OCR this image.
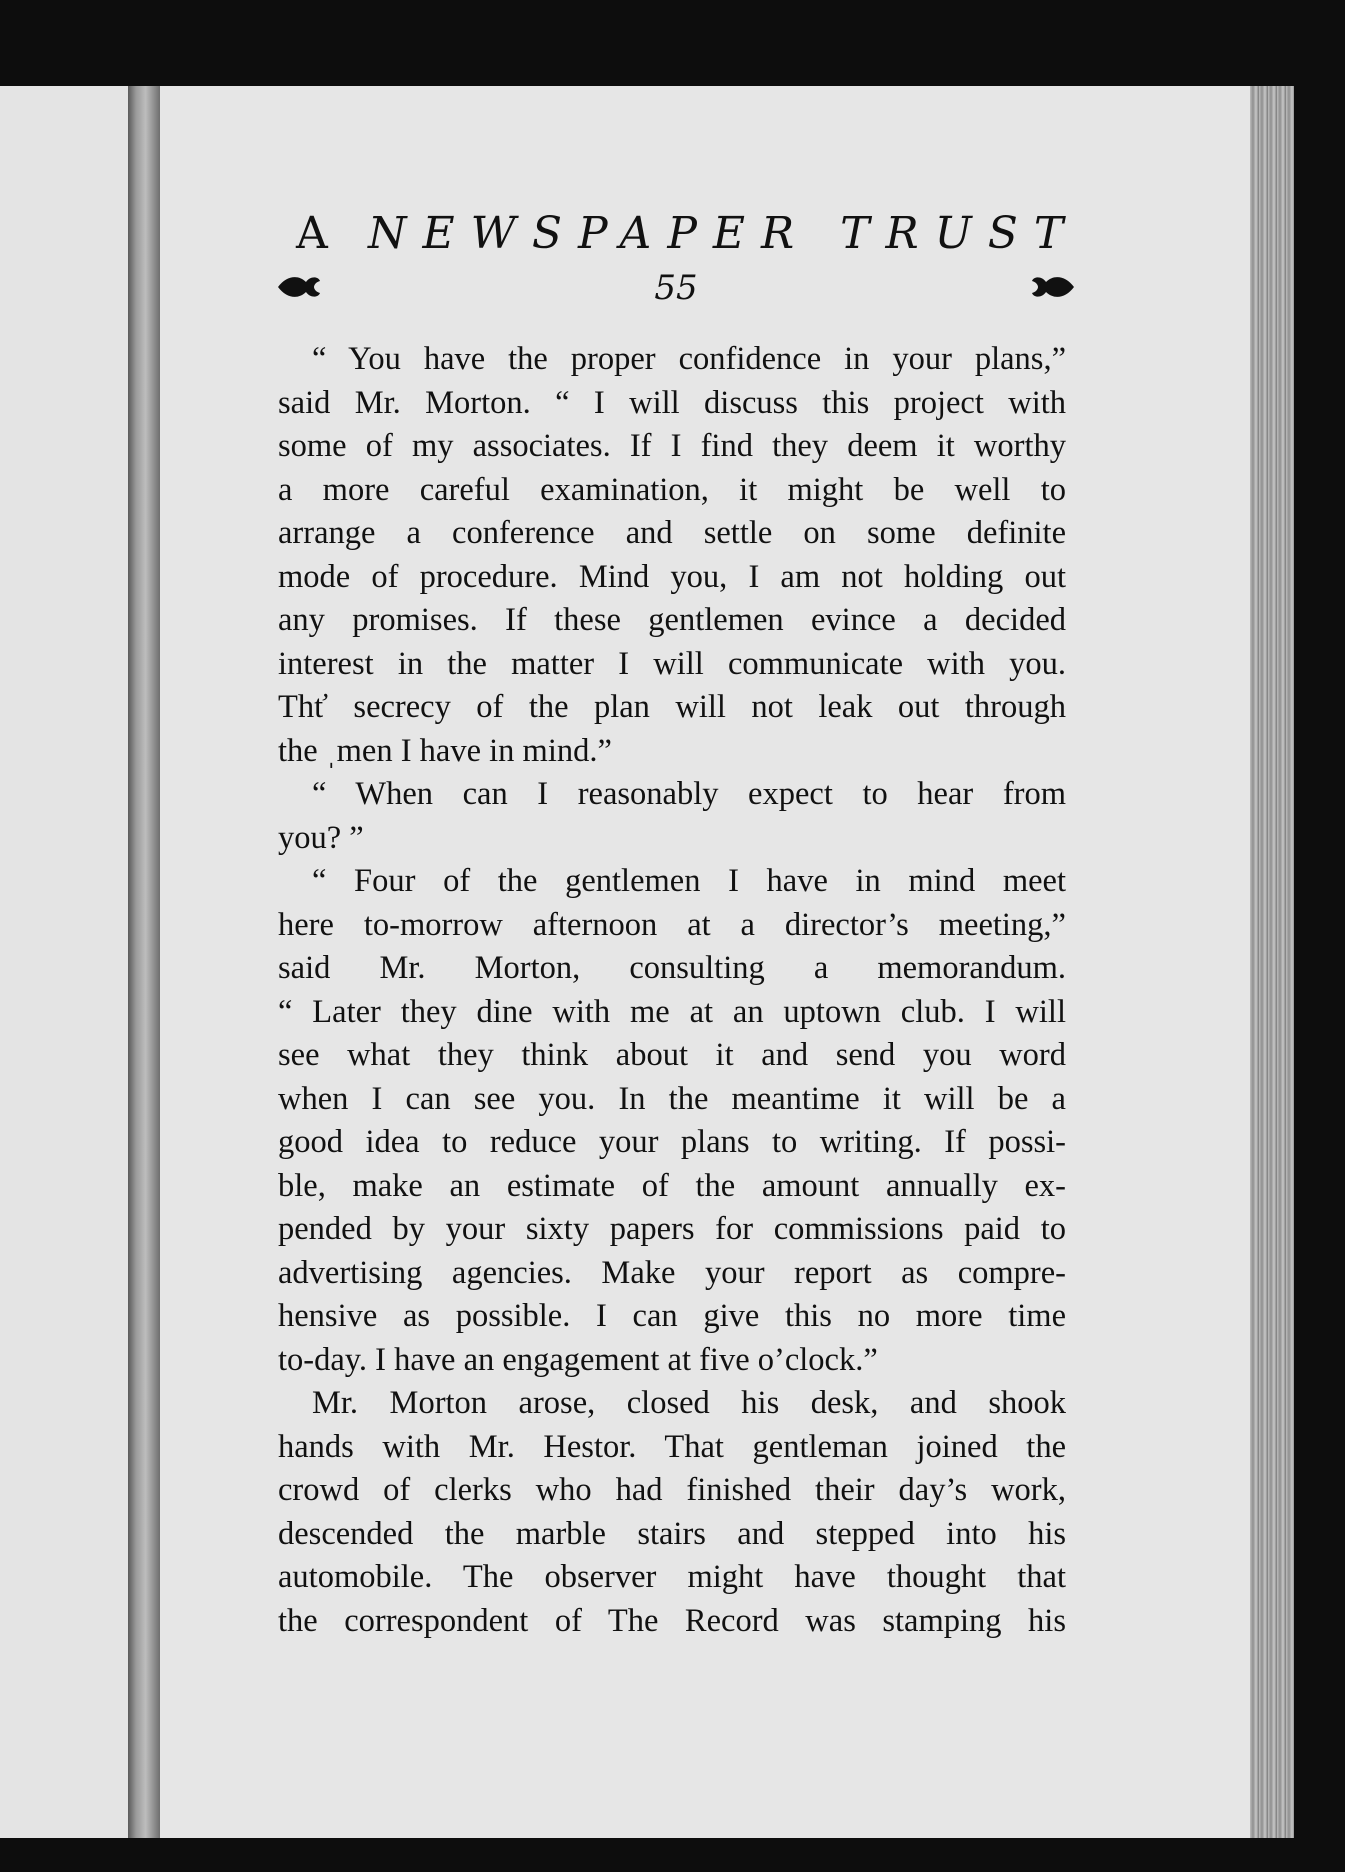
A NEWSPAPER TRUST
55
“ You have the proper confidence in your plans,”
said Mr. Morton. “ I will discuss this project with
some of my associates. If I find they deem it worthy
a more careful examination, it might be well to
arrange a conference and settle on some definite
mode of procedure. Mind you, I am not holding out
any promises. If these gentlemen evince a decided
interest in the matter I will communicate with you.
Thť secrecy of the plan will not leak out through
the ˌmen I have in mind.”
“ When can I reasonably expect to hear from
you? ”
“ Four of the gentlemen I have in mind meet
here to-morrow afternoon at a director’s meeting,”
said Mr. Morton, consulting a memorandum.
“ Later they dine with me at an uptown club. I will
see what they think about it and send you word
when I can see you. In the meantime it will be a
good idea to reduce your plans to writing. If possi-
ble, make an estimate of the amount annually ex-
pended by your sixty papers for commissions paid to
advertising agencies. Make your report as compre-
hensive as possible. I can give this no more time
to-day. I have an engagement at five o’clock.”
Mr. Morton arose, closed his desk, and shook
hands with Mr. Hestor. That gentleman joined the
crowd of clerks who had finished their day’s work,
descended the marble stairs and stepped into his
automobile. The observer might have thought that
the correspondent of The Record was stamping his
